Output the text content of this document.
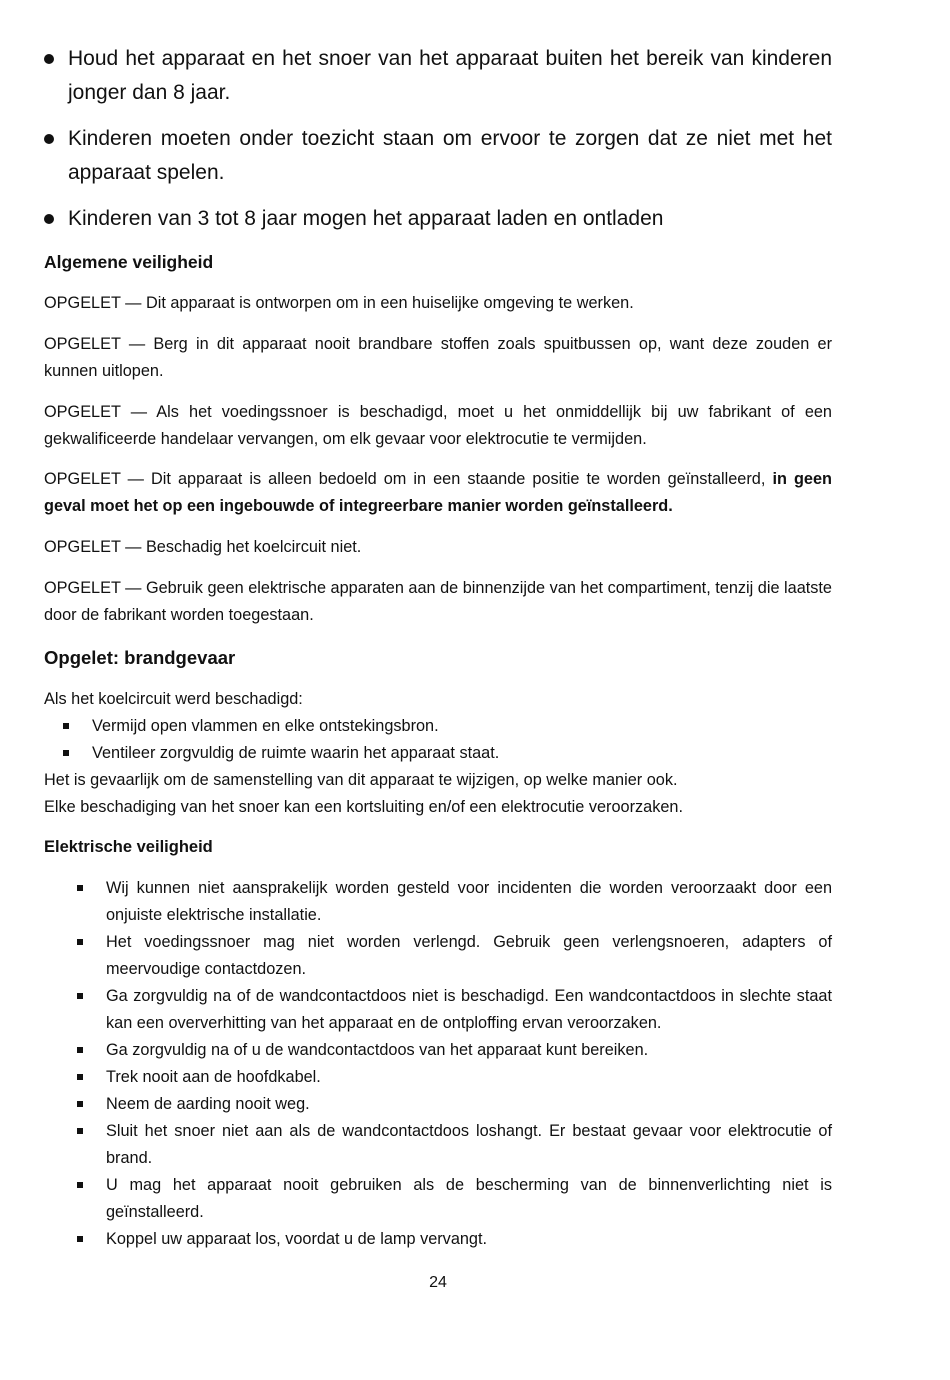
Houd het apparaat en het snoer van het apparaat buiten het bereik van kinderen jonger dan 8 jaar.
Kinderen moeten onder toezicht staan om ervoor te zorgen dat ze niet met het apparaat spelen.
Kinderen van 3 tot 8 jaar mogen het apparaat laden en ontladen
Algemene veiligheid

OPGELET — Dit apparaat is ontworpen om in een huiselijke omgeving te werken.

OPGELET — Berg in dit apparaat nooit brandbare stoffen zoals spuitbussen op, want deze zouden er kunnen uitlopen.

OPGELET — Als het voedingssnoer is beschadigd, moet u het onmiddellijk bij uw fabrikant of een gekwalificeerde handelaar vervangen, om elk gevaar voor elektrocutie te vermijden.

OPGELET — Dit apparaat is alleen bedoeld om in een staande positie te worden geïnstalleerd, in geen geval moet het op een ingebouwde of integreerbare manier worden geïnstalleerd.

OPGELET — Beschadig het koelcircuit niet.

OPGELET — Gebruik geen elektrische apparaten aan de binnenzijde van het compartiment, tenzij die laatste door de fabrikant worden toegestaan.

Opgelet: brandgevaar

Als het koelcircuit werd beschadigd:

Vermijd open vlammen en elke ontstekingsbron.
Ventileer zorgvuldig de ruimte waarin het apparaat staat.

Het is gevaarlijk om de samenstelling van dit apparaat te wijzigen, op welke manier ook.

Elke beschadiging van het snoer kan een kortsluiting en/of een elektrocutie veroorzaken.

Elektrische veiligheid
Wij kunnen niet aansprakelijk worden gesteld voor incidenten die worden veroorzaakt door een onjuiste elektrische installatie.
Het voedingssnoer mag niet worden verlengd. Gebruik geen verlengsnoeren, adapters of meervoudige contactdozen.
Ga zorgvuldig na of de wandcontactdoos niet is beschadigd. Een wandcontactdoos in slechte staat kan een oververhitting van het apparaat en de ontploffing ervan veroorzaken.
Ga zorgvuldig na of u de wandcontactdoos van het apparaat kunt bereiken.
Trek nooit aan de hoofdkabel.
Neem de aarding nooit weg.
Sluit het snoer niet aan als de wandcontactdoos loshangt. Er bestaat gevaar voor elektrocutie of brand.
U mag het apparaat nooit gebruiken als de bescherming van de binnenverlichting niet is geïnstalleerd.
Koppel uw apparaat los, voordat u de lamp vervangt.
24
